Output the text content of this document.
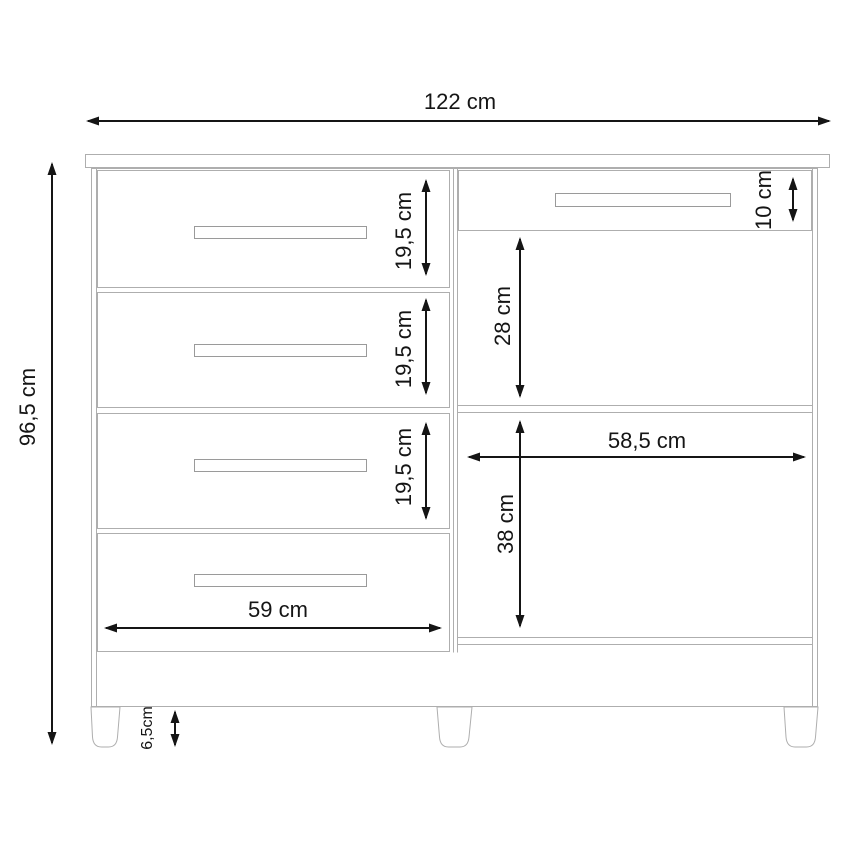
122 cm
96,5 cm
19,5 cm
19,5 cm
19,5 cm
10 cm
28 cm
38 cm
58,5 cm
59 cm
6,5cm
